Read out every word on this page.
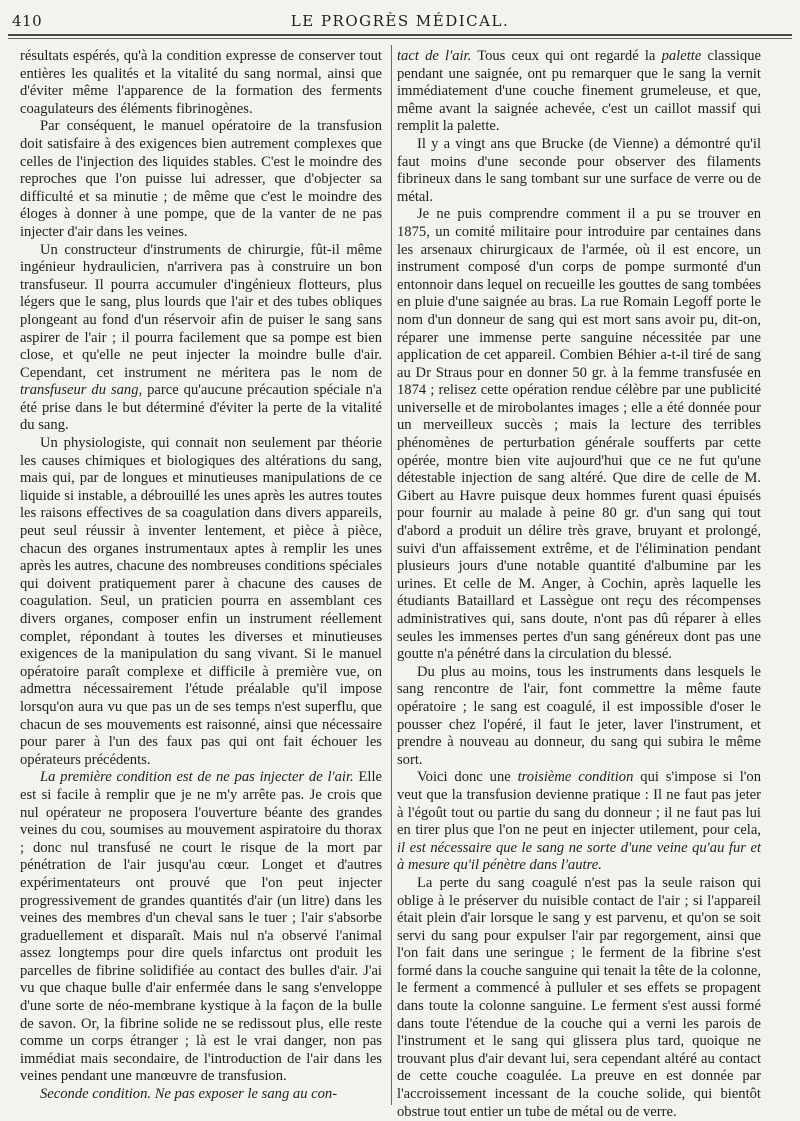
410	LE PROGRÈS MÉDICAL.

résultats espérés, qu'à la condition expresse de conserver tout entières les qualités et la vitalité du sang normal, ainsi que d'éviter même l'apparence de la formation des ferments coagulateurs des éléments fibrinogènes.

Par conséquent, le manuel opératoire de la transfusion doit satisfaire à des exigences bien autrement complexes que celles de l'injection des liquides stables. C'est le moindre des reproches que l'on puisse lui adresser, que d'objecter sa difficulté et sa minutie ; de même que c'est le moindre des éloges à donner à une pompe, que de la vanter de ne pas injecter d'air dans les veines.

Un constructeur d'instruments de chirurgie, fût-il même ingénieur hydraulicien, n'arrivera pas à construire un bon transfuseur. Il pourra accumuler d'ingénieux flotteurs, plus légers que le sang, plus lourds que l'air et des tubes obliques plongeant au fond d'un réservoir afin de puiser le sang sans aspirer de l'air ; il pourra facilement que sa pompe est bien close, et qu'elle ne peut injecter la moindre bulle d'air. Cependant, cet instrument ne méritera pas le nom de transfuseur du sang, parce qu'aucune précaution spéciale n'a été prise dans le but déterminé d'éviter la perte de la vitalité du sang.

Un physiologiste, qui connait non seulement par théorie les causes chimiques et biologiques des altérations du sang, mais qui, par de longues et minutieuses manipulations de ce liquide si instable, a débrouillé les unes après les autres toutes les raisons effectives de sa coagulation dans divers appareils, peut seul réussir à inventer lentement, et pièce à pièce, chacun des organes instrumentaux aptes à remplir les unes après les autres, chacune des nombreuses conditions spéciales qui doivent pratiquement parer à chacune des causes de coagulation. Seul, un praticien pourra en assemblant ces divers organes, composer enfin un instrument réellement complet, répondant à toutes les diverses et minutieuses exigences de la manipulation du sang vivant. Si le manuel opératoire paraît complexe et difficile à première vue, on admettra nécessairement l'étude préalable qu'il impose lorsqu'on aura vu que pas un de ses temps n'est superflu, que chacun de ses mouvements est raisonné, ainsi que nécessaire pour parer à l'un des faux pas qui ont fait échouer les opérateurs précédents.

La première condition est de ne pas injecter de l'air. Elle est si facile à remplir que je ne m'y arrête pas. Je crois que nul opérateur ne proposera l'ouverture béante des grandes veines du cou, soumises au mouvement aspiratoire du thorax ; donc nul transfusé ne court le risque de la mort par pénétration de l'air jusqu'au cœur. Longet et d'autres expérimentateurs ont prouvé que l'on peut injecter progressivement de grandes quantités d'air (un litre) dans les veines des membres d'un cheval sans le tuer ; l'air s'absorbe graduellement et disparaît. Mais nul n'a observé l'animal assez longtemps pour dire quels infarctus ont produit les parcelles de fibrine solidifiée au contact des bulles d'air. J'ai vu que chaque bulle d'air enfermée dans le sang s'enveloppe d'une sorte de néo-membrane kystique à la façon de la bulle de savon. Or, la fibrine solide ne se redissout plus, elle reste comme un corps étranger ; là est le vrai danger, non pas immédiat mais secondaire, de l'introduction de l'air dans les veines pendant une manœuvre de transfusion.

Seconde condition. Ne pas exposer le sang au con-

tact de l'air. Tous ceux qui ont regardé la palette classique pendant une saignée, ont pu remarquer que le sang la vernit immédiatement d'une couche finement grumeleuse, et que, même avant la saignée achevée, c'est un caillot massif qui remplit la palette.

Il y a vingt ans que Brucke (de Vienne) a démontré qu'il faut moins d'une seconde pour observer des filaments fibrineux dans le sang tombant sur une surface de verre ou de métal.

Je ne puis comprendre comment il a pu se trouver en 1875, un comité militaire pour introduire par centaines dans les arsenaux chirurgicaux de l'armée, où il est encore, un instrument composé d'un corps de pompe surmonté d'un entonnoir dans lequel on recueille les gouttes de sang tombées en pluie d'une saignée au bras. La rue Romain Legoff porte le nom d'un donneur de sang qui est mort sans avoir pu, dit-on, réparer une immense perte sanguine nécessitée par une application de cet appareil. Combien Béhier a-t-il tiré de sang au Dr Straus pour en donner 50 gr. à la femme transfusée en 1874 ; relisez cette opération rendue célèbre par une publicité universelle et de mirobolantes images ; elle a été donnée pour un merveilleux succès ; mais la lecture des terribles phénomènes de perturbation générale soufferts par cette opérée, montre bien vite aujourd'hui que ce ne fut qu'une détestable injection de sang altéré. Que dire de celle de M. Gibert au Havre puisque deux hommes furent quasi épuisés pour fournir au malade à peine 80 gr. d'un sang qui tout d'abord a produit un délire très grave, bruyant et prolongé, suivi d'un affaissement extrême, et de l'élimination pendant plusieurs jours d'une notable quantité d'albumine par les urines. Et celle de M. Anger, à Cochin, après laquelle les étudiants Bataillard et Lassègue ont reçu des récompenses administratives qui, sans doute, n'ont pas dû réparer à elles seules les immenses pertes d'un sang généreux dont pas une goutte n'a pénétré dans la circulation du blessé.

Du plus au moins, tous les instruments dans lesquels le sang rencontre de l'air, font commettre la même faute opératoire ; le sang est coagulé, il est impossible d'oser le pousser chez l'opéré, il faut le jeter, laver l'instrument, et prendre à nouveau au donneur, du sang qui subira le même sort.

Voici donc une troisième condition qui s'impose si l'on veut que la transfusion devienne pratique : Il ne faut pas jeter à l'égoût tout ou partie du sang du donneur ; il ne faut pas lui en tirer plus que l'on ne peut en injecter utilement, pour cela, il est nécessaire que le sang ne sorte d'une veine qu'au fur et à mesure qu'il pénètre dans l'autre.

La perte du sang coagulé n'est pas la seule raison qui oblige à le préserver du nuisible contact de l'air ; si l'appareil était plein d'air lorsque le sang y est parvenu, et qu'on se soit servi du sang pour expulser l'air par regorgement, ainsi que l'on fait dans une seringue ; le ferment de la fibrine s'est formé dans la couche sanguine qui tenait la tête de la colonne, le ferment a commencé à pulluler et ses effets se propagent dans toute la colonne sanguine. Le ferment s'est aussi formé dans toute l'étendue de la couche qui a verni les parois de l'instrument et le sang qui glissera plus tard, quoique ne trouvant plus d'air devant lui, sera cependant altéré au contact de cette couche coagulée. La preuve en est donnée par l'accroissement incessant de la couche solide, qui bientôt obstrue tout entier un tube de métal ou de verre.
